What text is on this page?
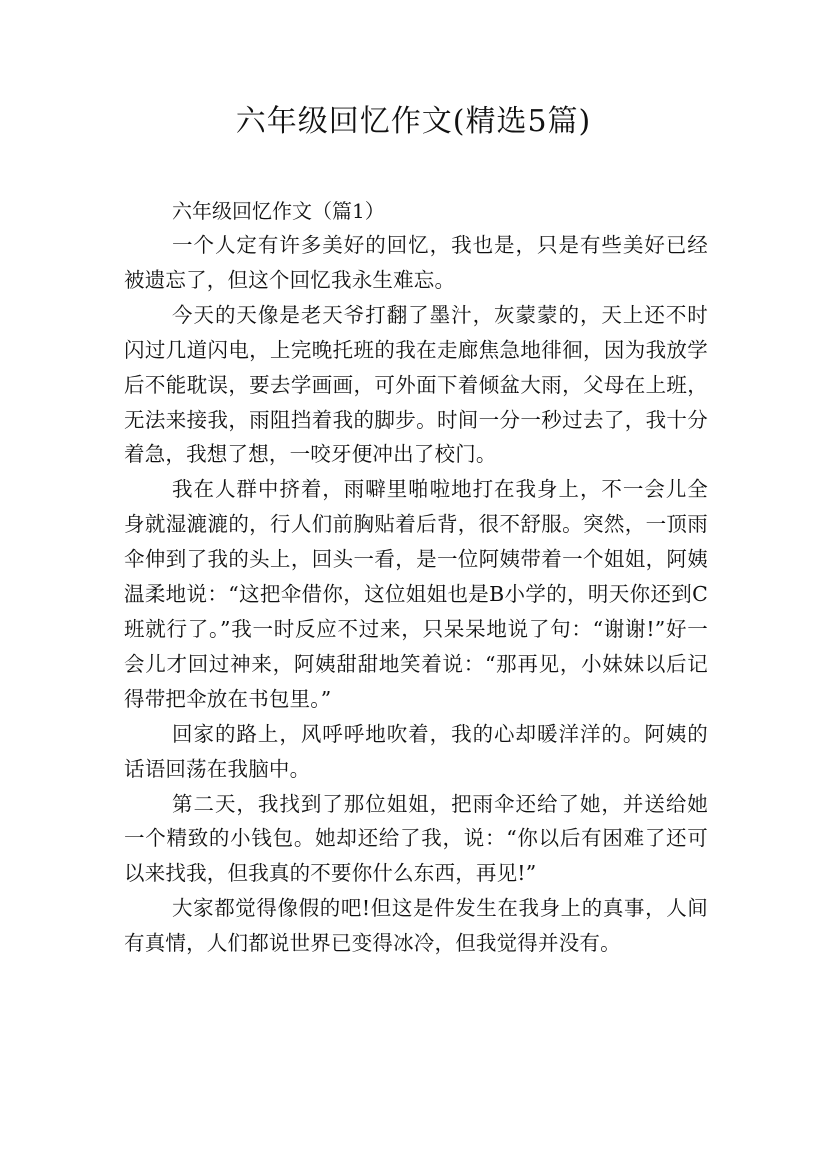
六年级回忆作文(精选5篇)
六年级回忆作文（篇1）

一个人定有许多美好的回忆，我也是，只是有些美好已经被遗忘了，但这个回忆我永生难忘。

今天的天像是老天爷打翻了墨汁，灰蒙蒙的，天上还不时闪过几道闪电，上完晚托班的我在走廊焦急地徘徊，因为我放学后不能耽误，要去学画画，可外面下着倾盆大雨，父母在上班，无法来接我，雨阻挡着我的脚步。时间一分一秒过去了，我十分着急，我想了想，一咬牙便冲出了校门。

我在人群中挤着，雨噼里啪啦地打在我身上，不一会儿全身就湿漉漉的，行人们前胸贴着后背，很不舒服。突然，一顶雨伞伸到了我的头上，回头一看，是一位阿姨带着一个姐姐，阿姨温柔地说：“这把伞借你，这位姐姐也是B小学的，明天你还到C班就行了。”我一时反应不过来，只呆呆地说了句：“谢谢!”好一会儿才回过神来，阿姨甜甜地笑着说：“那再见，小妹妹以后记得带把伞放在书包里。”

回家的路上，风呼呼地吹着，我的心却暖洋洋的。阿姨的话语回荡在我脑中。

第二天，我找到了那位姐姐，把雨伞还给了她，并送给她一个精致的小钱包。她却还给了我，说：“你以后有困难了还可以来找我，但我真的不要你什么东西，再见!”

大家都觉得像假的吧!但这是件发生在我身上的真事，人间有真情，人们都说世界已变得冰冷，但我觉得并没有。
